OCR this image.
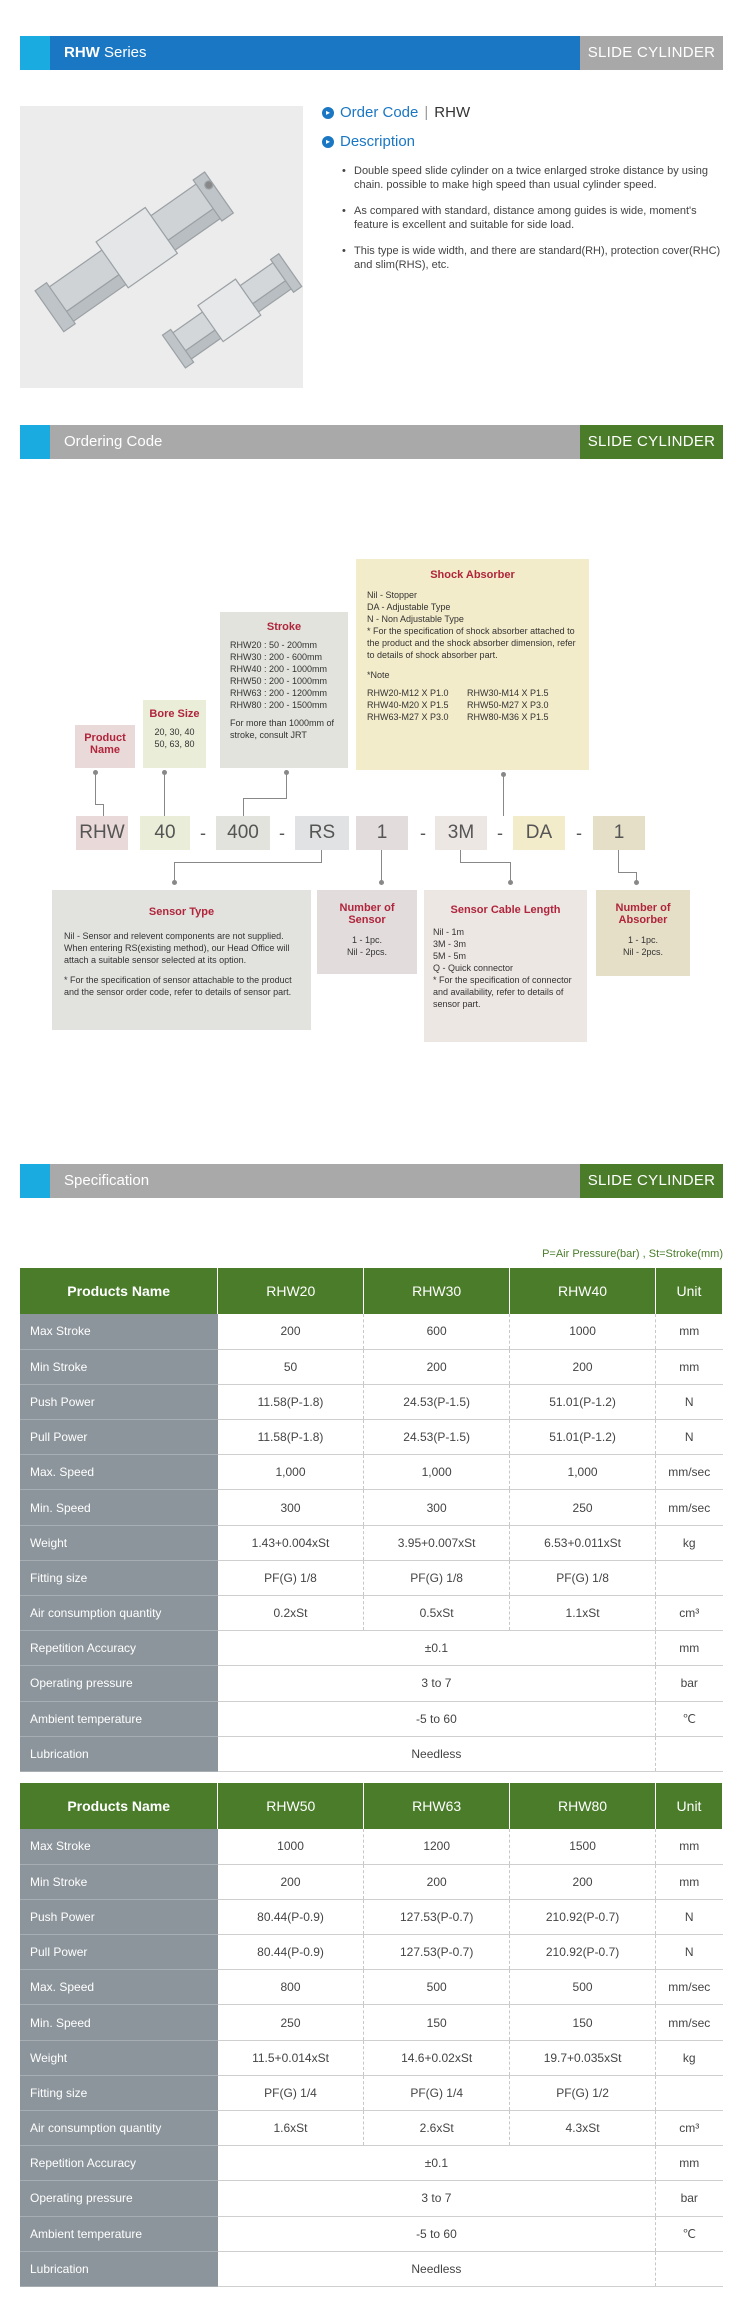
RHW Series	SLIDE CYLINDER
▸ Order Code | RHW
▸ Description
• Double speed slide cylinder on a twice enlarged stroke distance by using chain. possible to make high speed than usual cylinder speed.
• As compared with standard, distance among guides is wide, moment's feature is excellent and suitable for side load.
• This type is wide width, and there are standard(RH), protection cover(RHC) and slim(RHS), etc.
Ordering Code	SLIDE CYLINDER
Shock Absorber
Nil - Stopper
DA - Adjustable Type
N - Non Adjustable Type
* For the specification of shock absorber attached to the product and the shock absorber dimension, refer to details of shock absorber part.
*Note
RHW20-M12 X P1.0
RHW40-M20 X P1.5
RHW63-M27 X P3.0
RHW30-M14 X P1.5
RHW50-M27 X P3.0
RHW80-M36 X P1.5
Stroke
RHW20 : 50 - 200mm
RHW30 : 200 - 600mm
RHW40 : 200 - 1000mm
RHW50 : 200 - 1000mm
RHW63 : 200 - 1200mm
RHW80 : 200 - 1500mm
For more than 1000mm of stroke, consult JRT
Bore Size
20, 30, 40
50, 63, 80
Product Name
RHW	40	-	400	-	RS	1	-	3M	-	DA	-	1
Sensor Type
Nil - Sensor and relevent components are not supplied. When entering RS(existing method), our Head Office will attach a suitable sensor selected at its option.
* For the specification of sensor attachable to the product and the sensor order code, refer to details of sensor part.
Number of Sensor
1 - 1pc.
Nil - 2pcs.
Sensor Cable Length
Nil - 1m
3M - 3m
5M - 5m
Q - Quick connector
* For the specification of connector and availability, refer to details of sensor part.
Number of Absorber
1 - 1pc.
Nil - 2pcs.
Specification	SLIDE CYLINDER
P=Air Pressure(bar) , St=Stroke(mm)
Products Name	RHW20	RHW30	RHW40	Unit
Max Stroke	200	600	1000	mm
Min Stroke	50	200	200	mm
Push Power	11.58(P-1.8)	24.53(P-1.5)	51.01(P-1.2)	N
Pull Power	11.58(P-1.8)	24.53(P-1.5)	51.01(P-1.2)	N
Max. Speed	1,000	1,000	1,000	mm/sec
Min. Speed	300	300	250	mm/sec
Weight	1.43+0.004xSt	3.95+0.007xSt	6.53+0.011xSt	kg
Fitting size	PF(G) 1/8	PF(G) 1/8	PF(G) 1/8	
Air consumption quantity	0.2xSt	0.5xSt	1.1xSt	cm³
Repetition Accuracy	±0.1			mm
Operating pressure	3 to 7			bar
Ambient temperature	-5 to 60			℃
Lubrication	Needless			
Products Name	RHW50	RHW63	RHW80	Unit
Max Stroke	1000	1200	1500	mm
Min Stroke	200	200	200	mm
Push Power	80.44(P-0.9)	127.53(P-0.7)	210.92(P-0.7)	N
Pull Power	80.44(P-0.9)	127.53(P-0.7)	210.92(P-0.7)	N
Max. Speed	800	500	500	mm/sec
Min. Speed	250	150	150	mm/sec
Weight	11.5+0.014xSt	14.6+0.02xSt	19.7+0.035xSt	kg
Fitting size	PF(G) 1/4	PF(G) 1/4	PF(G) 1/2	
Air consumption quantity	1.6xSt	2.6xSt	4.3xSt	cm³
Repetition Accuracy	±0.1			mm
Operating pressure	3 to 7			bar
Ambient temperature	-5 to 60			℃
Lubrication	Needless			
